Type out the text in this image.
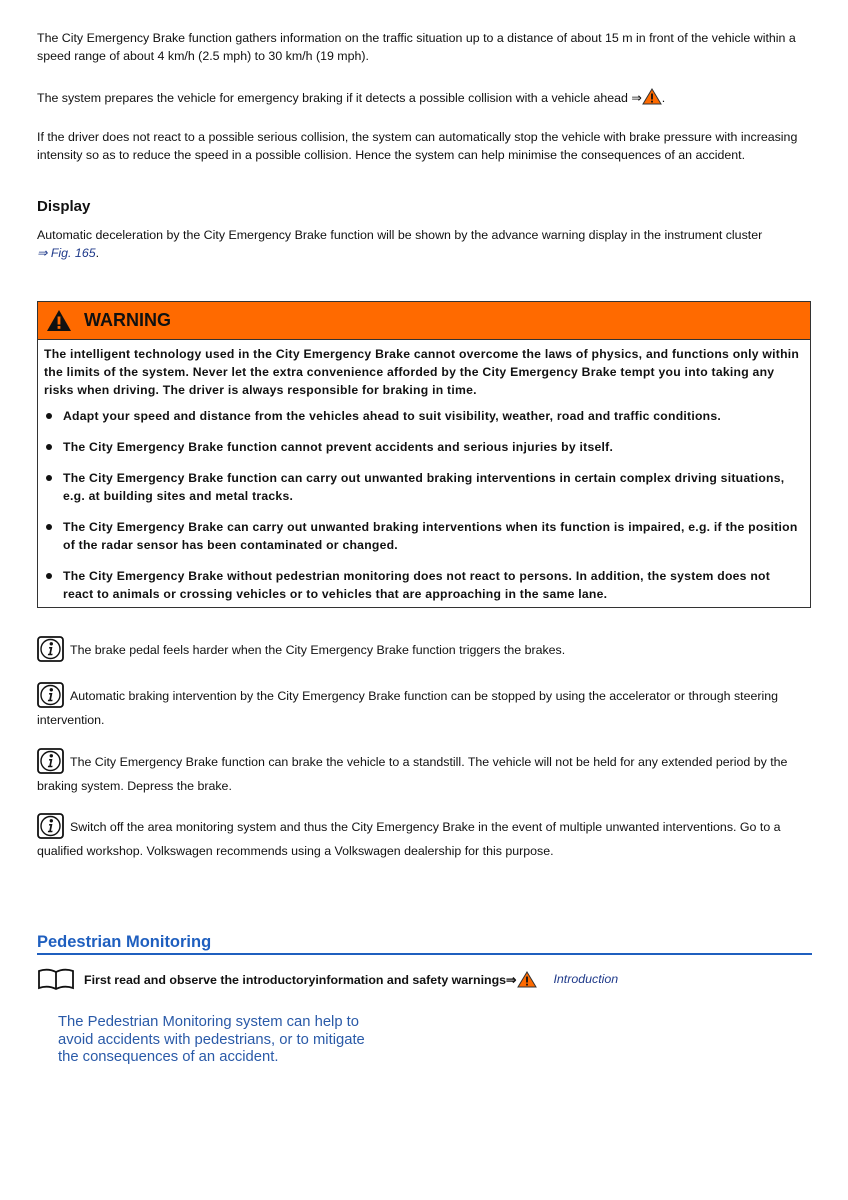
The City Emergency Brake function gathers information on the traffic situation up to a distance of about 15 m in front of the vehicle within a speed range of about 4 km/h (2.5 mph) to 30 km/h (19 mph).

The system prepares the vehicle for emergency braking if it detects a possible collision with a vehicle ahead ⇒ .

If the driver does not react to a possible serious collision, the system can automatically stop the vehicle with brake pressure with increasing intensity so as to reduce the speed in a possible collision. Hence the system can help minimise the consequences of an accident.

Display

Automatic deceleration by the City Emergency Brake function will be shown by the advance warning display in the instrument cluster
⇒ Fig. 165.

WARNING

The intelligent technology used in the City Emergency Brake cannot overcome the laws of physics, and functions only within the limits of the system. Never let the extra convenience afforded by the City Emergency Brake tempt you into taking any risks when driving. The driver is always responsible for braking in time.

Adapt your speed and distance from the vehicles ahead to suit visibility, weather, road and traffic conditions.
The City Emergency Brake function cannot prevent accidents and serious injuries by itself.
The City Emergency Brake function can carry out unwanted braking interventions in certain complex driving situations, e.g. at building sites and metal tracks.
The City Emergency Brake can carry out unwanted braking interventions when its function is impaired, e.g. if the position of the radar sensor has been contaminated or changed.
The City Emergency Brake without pedestrian monitoring does not react to persons. In addition, the system does not react to animals or crossing vehicles or to vehicles that are approaching in the same lane.

The brake pedal feels harder when the City Emergency Brake function triggers the brakes.

Automatic braking intervention by the City Emergency Brake function can be stopped by using the accelerator or through steering intervention.

The City Emergency Brake function can brake the vehicle to a standstill. The vehicle will not be held for any extended period by the braking system. Depress the brake.

Switch off the area monitoring system and thus the City Emergency Brake in the event of multiple unwanted interventions. Go to a qualified workshop. Volkswagen recommends using a Volkswagen dealership for this purpose.

Pedestrian Monitoring
First read and observe the introductoryinformation and safety warnings⇒	Introduction

The Pedestrian Monitoring system can help to avoid accidents with pedestrians, or to mitigate the consequences of an accident.
